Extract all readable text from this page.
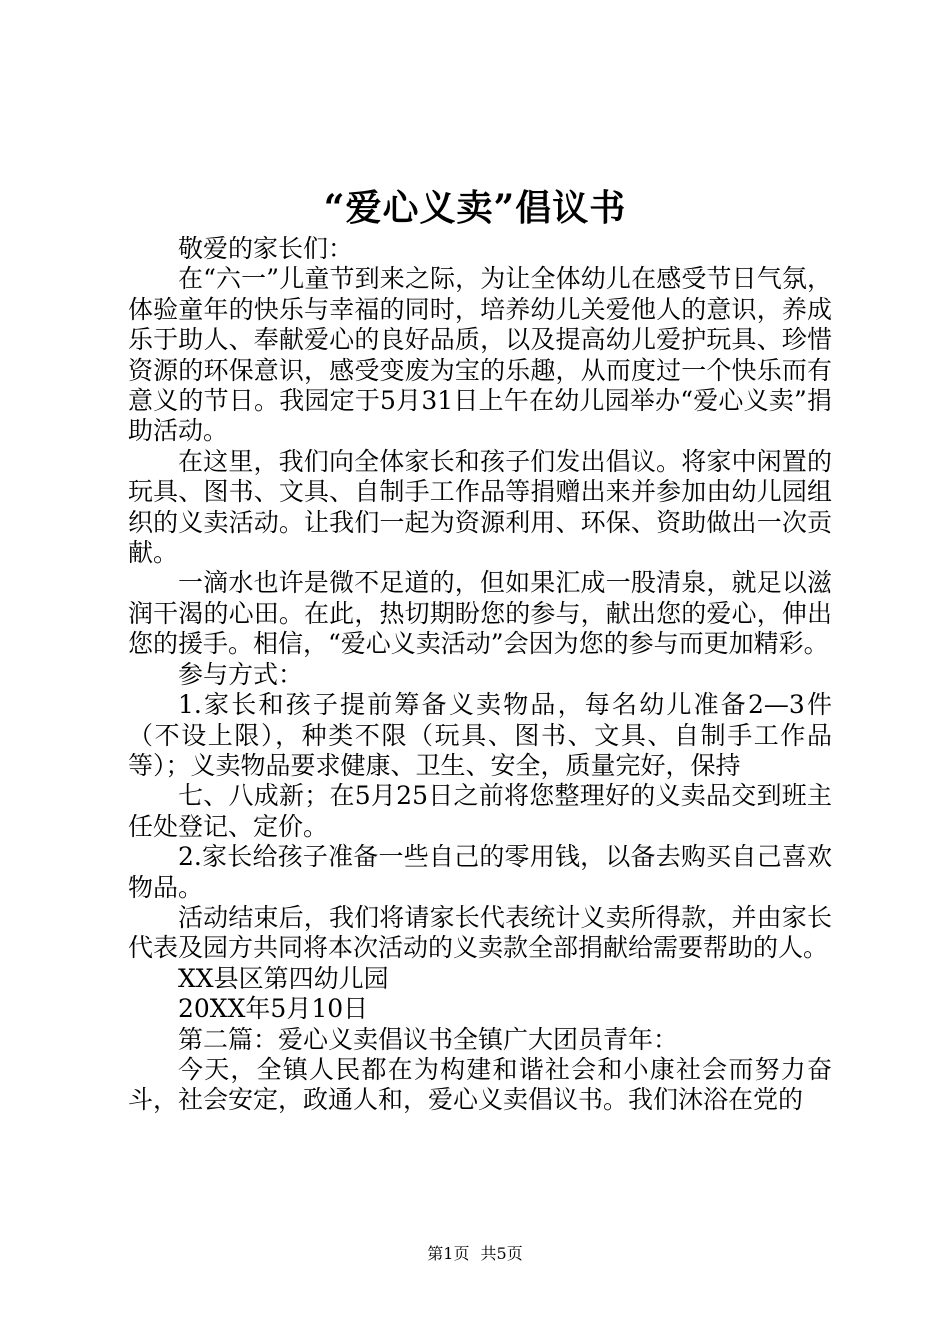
“爱心义卖”倡议书

敬爱的家长们：

在“六一”儿童节到来之际，为让全体幼儿在感受节日气氛，体验童年的快乐与幸福的同时，培养幼儿关爱他人的意识，养成乐于助人、奉献爱心的良好品质，以及提高幼儿爱护玩具、珍惜资源的环保意识，感受变废为宝的乐趣，从而度过一个快乐而有意义的节日。我园定于5月31日上午在幼儿园举办“爱心义卖”捐助活动。

在这里，我们向全体家长和孩子们发出倡议。将家中闲置的玩具、图书、文具、自制手工作品等捐赠出来并参加由幼儿园组织的义卖活动。让我们一起为资源利用、环保、资助做出一次贡献。

一滴水也许是微不足道的，但如果汇成一股清泉，就足以滋润干渴的心田。在此，热切期盼您的参与，献出您的爱心，伸出您的援手。相信，“爱心义卖活动”会因为您的参与而更加精彩。

参与方式：

1.家长和孩子提前筹备义卖物品，每名幼儿准备2—3件（不设上限），种类不限（玩具、图书、文具、自制手工作品等）；义卖物品要求健康、卫生、安全，质量完好，保持

七、八成新；在5月25日之前将您整理好的义卖品交到班主任处登记、定价。

2.家长给孩子准备一些自己的零用钱，以备去购买自己喜欢物品。

活动结束后，我们将请家长代表统计义卖所得款，并由家长代表及园方共同将本次活动的义卖款全部捐献给需要帮助的人。

XX县区第四幼儿园

20XX年5月10日

第二篇：爱心义卖倡议书全镇广大团员青年：

今天，全镇人民都在为构建和谐社会和小康社会而努力奋斗，社会安定，政通人和，爱心义卖倡议书。我们沐浴在党的

第1页 共5页
